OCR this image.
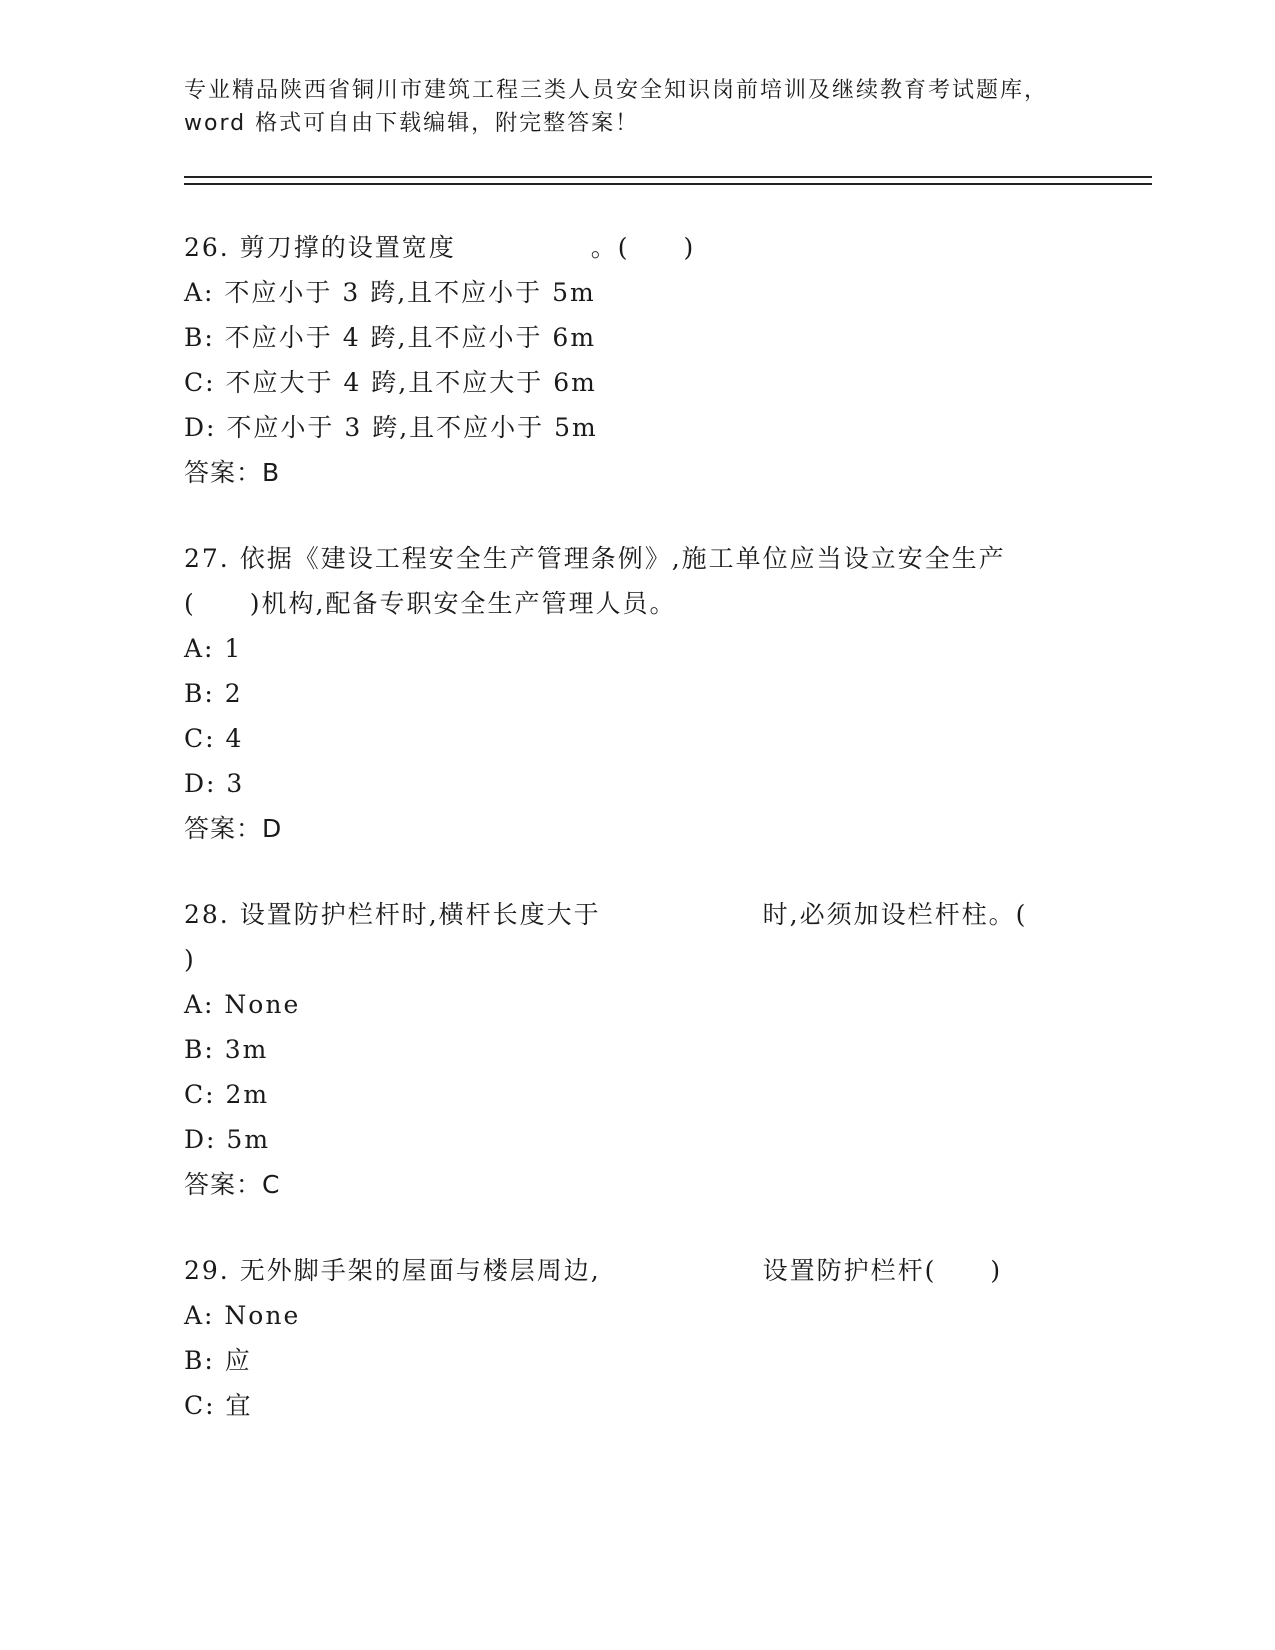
专业精品陕西省铜川市建筑工程三类人员安全知识岗前培训及继续教育考试题库，
word 格式可自由下载编辑，附完整答案！
26. 剪刀撑的设置宽度　　　　　。(　　)
A: 不应小于 3 跨,且不应小于 5m
B: 不应小于 4 跨,且不应小于 6m
C: 不应大于 4 跨,且不应大于 6m
D: 不应小于 3 跨,且不应小于 5m
答案：B
27. 依据《建设工程安全生产管理条例》,施工单位应当设立安全生产
(　　)机构,配备专职安全生产管理人员。
A: 1
B: 2
C: 4
D: 3
答案：D
28. 设置防护栏杆时,横杆长度大于　　　　　　时,必须加设栏杆柱。(
)
A: None
B: 3m
C: 2m
D: 5m
答案：C
29. 无外脚手架的屋面与楼层周边,　　　　　　设置防护栏杆(　　)
A: None
B: 应
C: 宜
